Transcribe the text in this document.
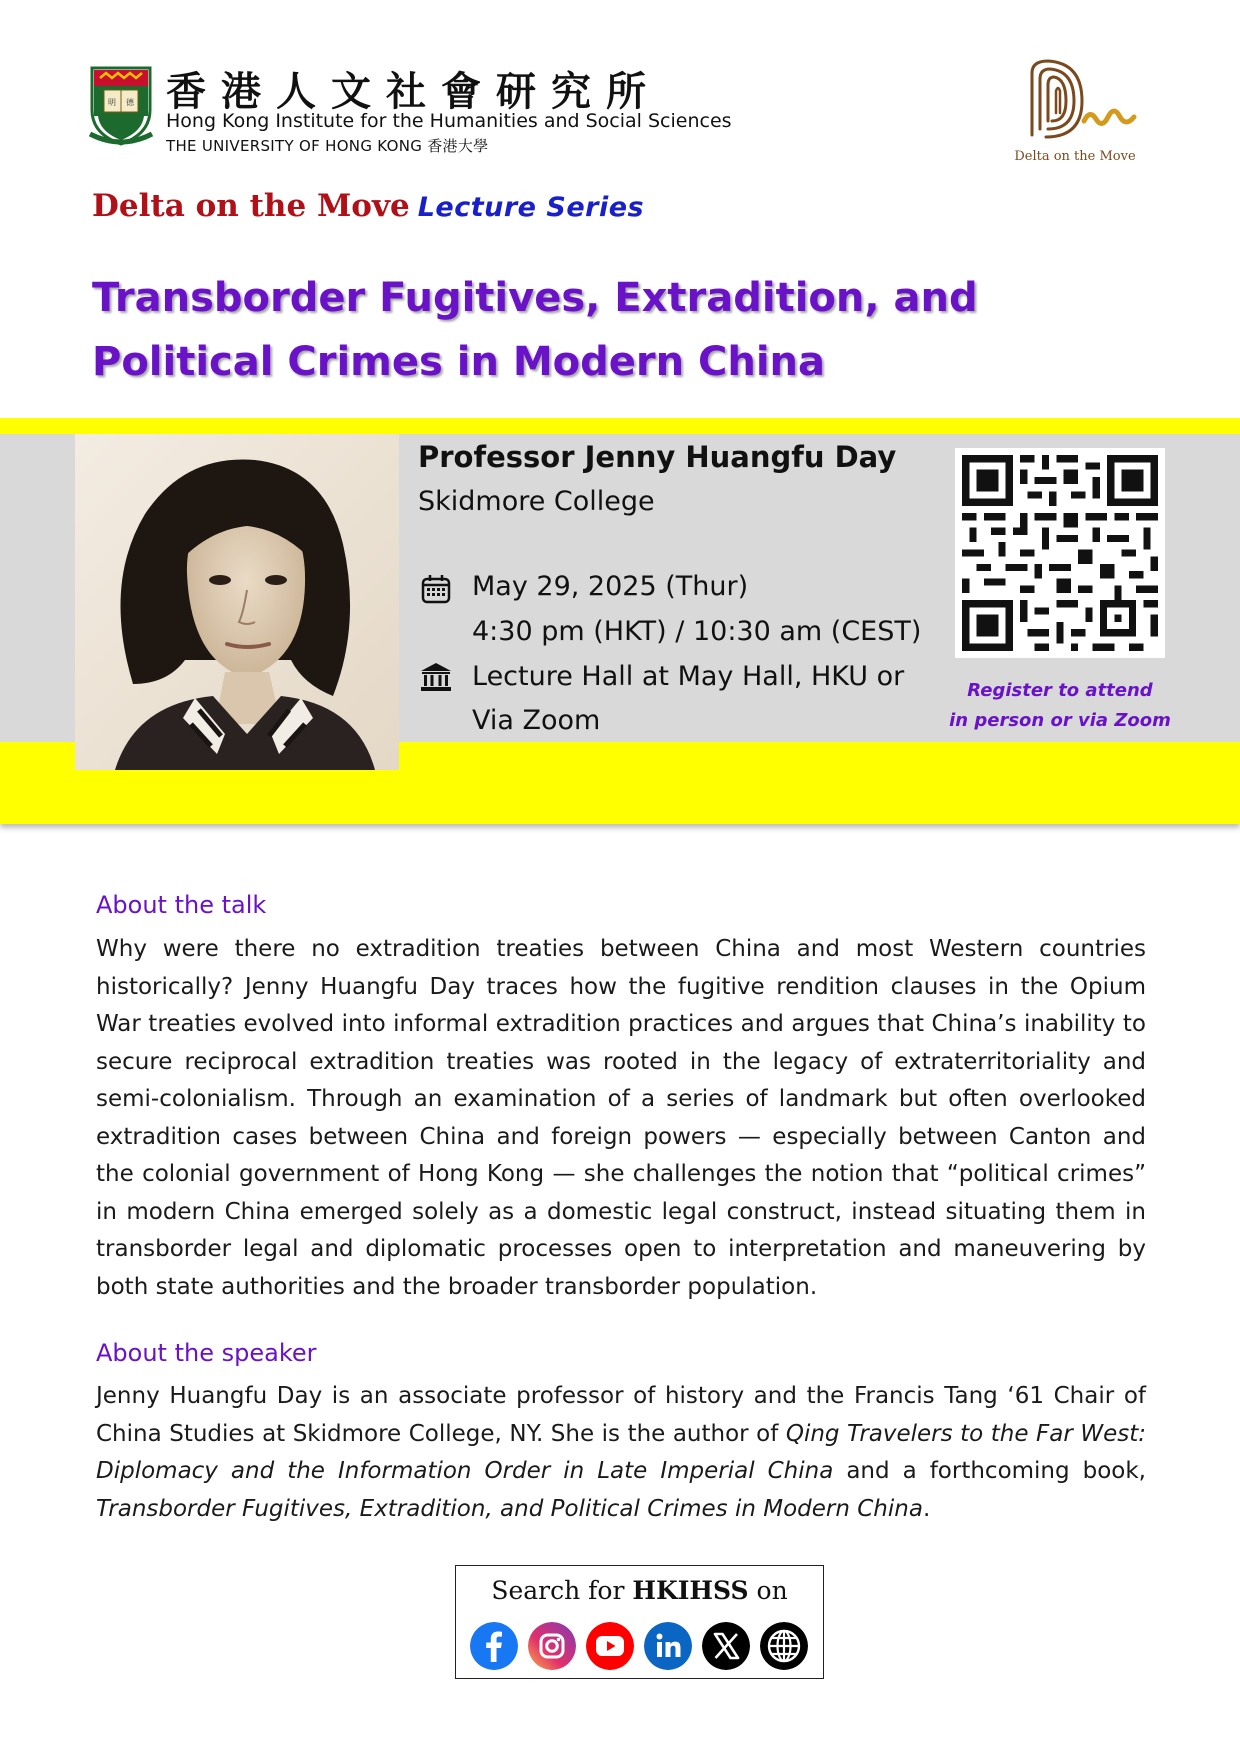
明 德 香港人文社會研究所
Hong Kong Institute for the Humanities and Social Sciences
THE UNIVERSITY OF HONG KONG 香港大學
Delta on the Move
Delta on the Move Lecture Series
Transborder Fugitives, Extradition, and Political Crimes in Modern China
Professor Jenny Huangfu Day
Skidmore College
May 29, 2025 (Thur)
4:30 pm (HKT) / 10:30 am (CEST)
Lecture Hall at May Hall, HKU or
Via Zoom
Register to attend
in person or via Zoom
About the talk
Why were there no extradition treaties between China and most Western countries historically? Jenny Huangfu Day traces how the fugitive rendition clauses in the Opium War treaties evolved into informal extradition practices and argues that China’s inability to secure reciprocal extradition treaties was rooted in the legacy of extraterritoriality and semi-colonialism. Through an examination of a series of landmark but often overlooked extradition cases between China and foreign powers — especially between Canton and the colonial government of Hong Kong — she challenges the notion that “political crimes” in modern China emerged solely as a domestic legal construct, instead situating them in transborder legal and diplomatic processes open to interpretation and maneuvering by both state authorities and the broader transborder population.
About the speaker
Jenny Huangfu Day is an associate professor of history and the Francis Tang ‘61 Chair of China Studies at Skidmore College, NY. She is the author of Qing Travelers to the Far West: Diplomacy and the Information Order in Late Imperial China and a forthcoming book, Transborder Fugitives, Extradition, and Political Crimes in Modern China.
Search for HKIHSS on
